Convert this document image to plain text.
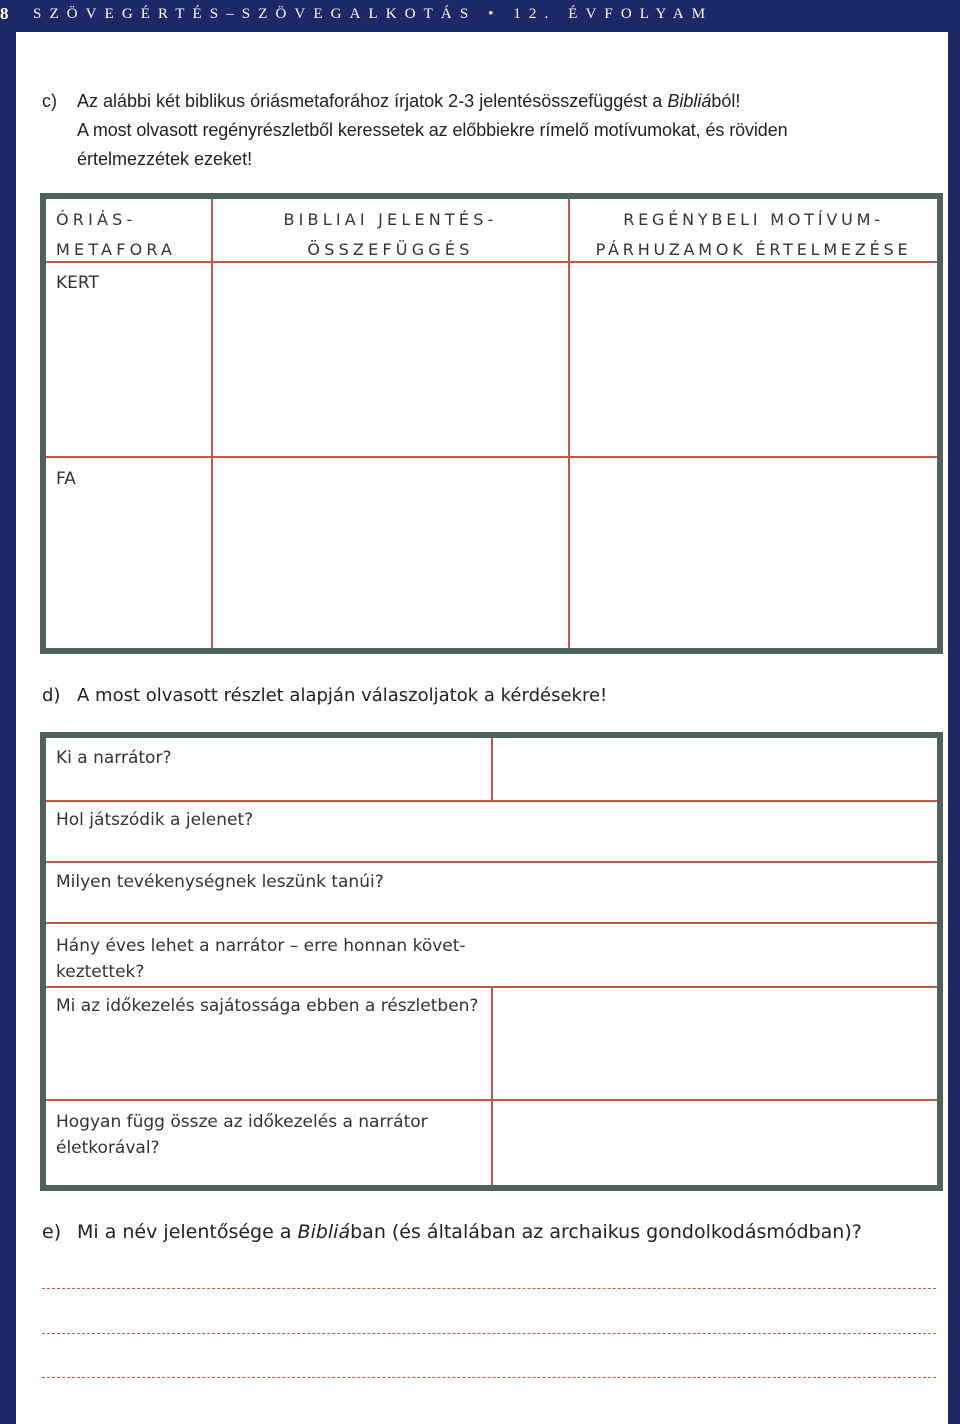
8 SZÖVEGÉRTÉS–SZÖVEGALKOTÁS • 12. ÉVFOLYAM
c) Az alábbi két biblikus óriásmetaforához írjatok 2-3 jelentésösszefüggést a Bibliából!
A most olvasott regényrészletből keressetek az előbbiekre rímelő motívumokat, és röviden
értelmezzétek ezeket!
ÓRIÁS-
METAFORA
BIBLIAI JELENTÉS-
ÖSSZEFÜGGÉS
REGÉNYBELI MOTÍVUM-
PÁRHUZAMOK ÉRTELMEZÉSE
KERT
FA
d) A most olvasott részlet alapján válaszoljatok a kérdésekre!
Ki a narrátor?
Hol játszódik a jelenet?
Milyen tevékenységnek leszünk tanúi?
Hány éves lehet a narrátor – erre honnan követ-
keztettek?
Mi az időkezelés sajátossága ebben a részletben?
Hogyan függ össze az időkezelés a narrátor
életkorával?
e) Mi a név jelentősége a Bibliában (és általában az archaikus gondolkodásmódban)?
